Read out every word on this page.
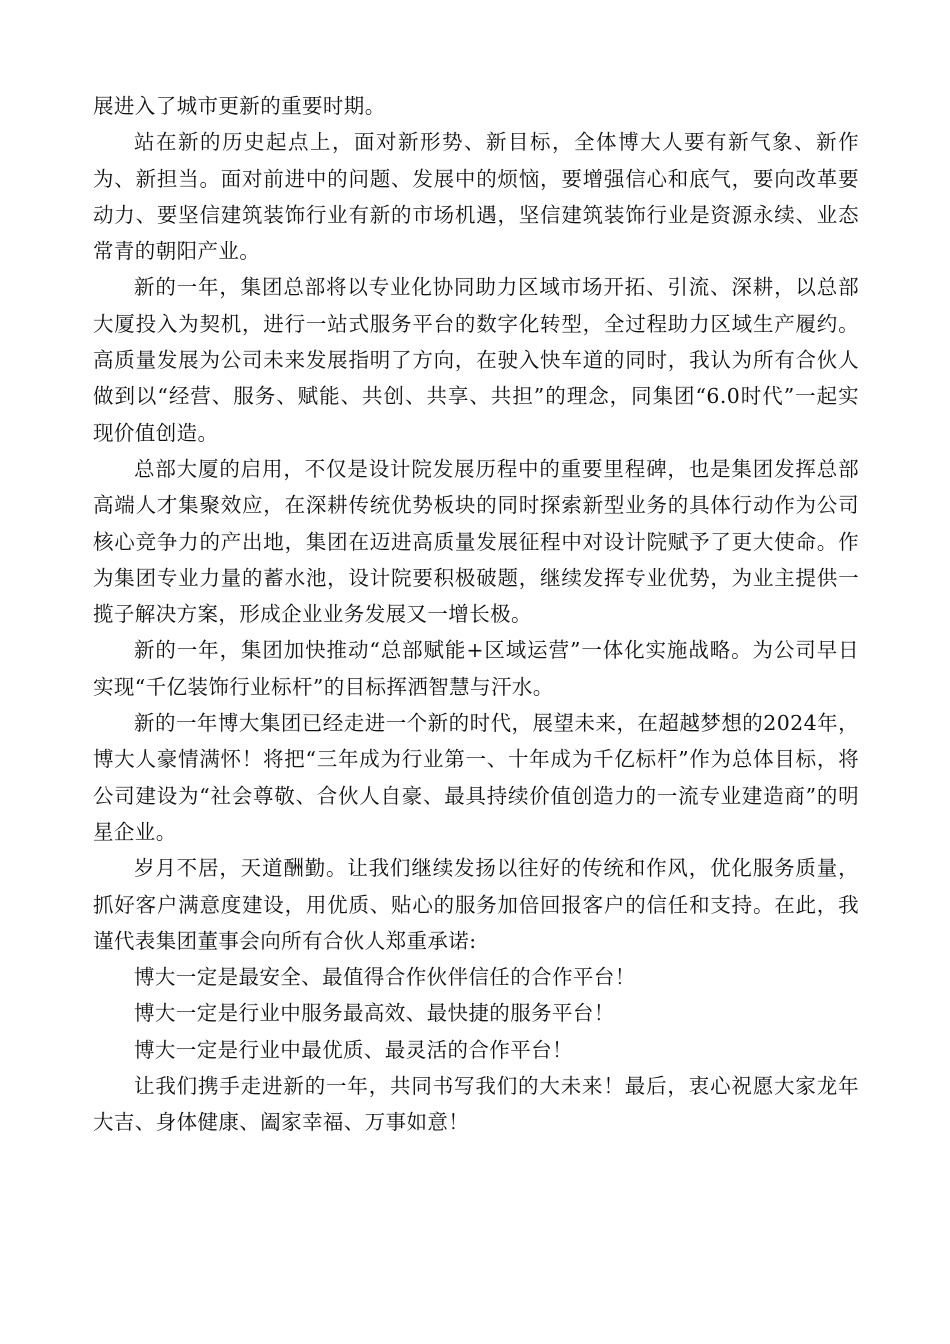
展进入了城市更新的重要时期。

站在新的历史起点上，面对新形势、新目标，全体博大人要有新气象、新作为、新担当。面对前进中的问题、发展中的烦恼，要增强信心和底气，要向改革要动力、要坚信建筑装饰行业有新的市场机遇，坚信建筑装饰行业是资源永续、业态常青的朝阳产业。

新的一年，集团总部将以专业化协同助力区域市场开拓、引流、深耕，以总部大厦投入为契机，进行一站式服务平台的数字化转型，全过程助力区域生产履约。高质量发展为公司未来发展指明了方向，在驶入快车道的同时，我认为所有合伙人做到以“经营、服务、赋能、共创、共享、共担”的理念，同集团“6.0时代”一起实现价值创造。

总部大厦的启用，不仅是设计院发展历程中的重要里程碑，也是集团发挥总部高端人才集聚效应，在深耕传统优势板块的同时探索新型业务的具体行动作为公司核心竞争力的产出地，集团在迈进高质量发展征程中对设计院赋予了更大使命。作为集团专业力量的蓄水池，设计院要积极破题，继续发挥专业优势，为业主提供一揽子解决方案，形成企业业务发展又一增长极。

新的一年，集团加快推动“总部赋能+区域运营”一体化实施战略。为公司早日实现“千亿装饰行业标杆”的目标挥洒智慧与汗水。

新的一年博大集团已经走进一个新的时代，展望未来，在超越梦想的2024年，博大人豪情满怀！将把“三年成为行业第一、十年成为千亿标杆”作为总体目标，将公司建设为“社会尊敬、合伙人自豪、最具持续价值创造力的一流专业建造商”的明星企业。

岁月不居，天道酬勤。让我们继续发扬以往好的传统和作风，优化服务质量，抓好客户满意度建设，用优质、贴心的服务加倍回报客户的信任和支持。在此，我谨代表集团董事会向所有合伙人郑重承诺:

博大一定是最安全、最值得合作伙伴信任的合作平台！

博大一定是行业中服务最高效、最快捷的服务平台！

博大一定是行业中最优质、最灵活的合作平台！

让我们携手走进新的一年，共同书写我们的大未来！最后，衷心祝愿大家龙年大吉、身体健康、阖家幸福、万事如意！
